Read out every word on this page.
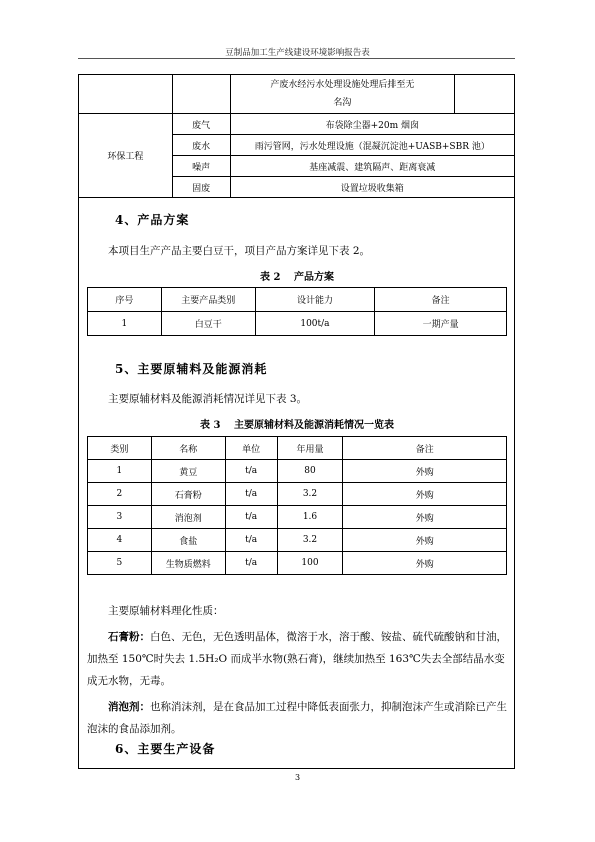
豆制品加工生产线建设环境影响报告表

		产废水经污水处理设施处理后排至无
名沟	

环保工程	废气	布袋除尘器+20m 烟囱	
	废水	雨污管网，污水处理设施（混凝沉淀池+UASB+SBR 池）	
	噪声	基座减震、建筑隔声、距离衰减	
	固废	设置垃圾收集箱	
4、产品方案
本项目生产产品主要白豆干，项目产品方案详见下表 2。
表 2　 产品方案
序号	主要产品类别	设计能力	备注
1	白豆干	100t/a	一期产量
5、主要原辅料及能源消耗
主要原辅材料及能源消耗情况详见下表 3。
表 3　 主要原辅材料及能源消耗情况一览表
类别	名称	单位	年用量	备注
1	黄豆	t/a	80	外购
2	石膏粉	t/a	3.2	外购
3	消泡剂	t/a	1.6	外购
4	食盐	t/a	3.2	外购
5	生物质燃料	t/a	100	外购
主要原辅材料理化性质：
石膏粉：白色、无色，无色透明晶体，微溶于水，溶于酸、铵盐、硫代硫酸钠和甘油，加热至 150℃时失去 1.5H₂O 而成半水物(熟石膏)，继续加热至 163℃失去全部结晶水变成无水物，无毒。
消泡剂：也称消沫剂，是在食品加工过程中降低表面张力，抑制泡沫产生或消除已产生泡沫的食品添加剂。
6、主要生产设备
3
